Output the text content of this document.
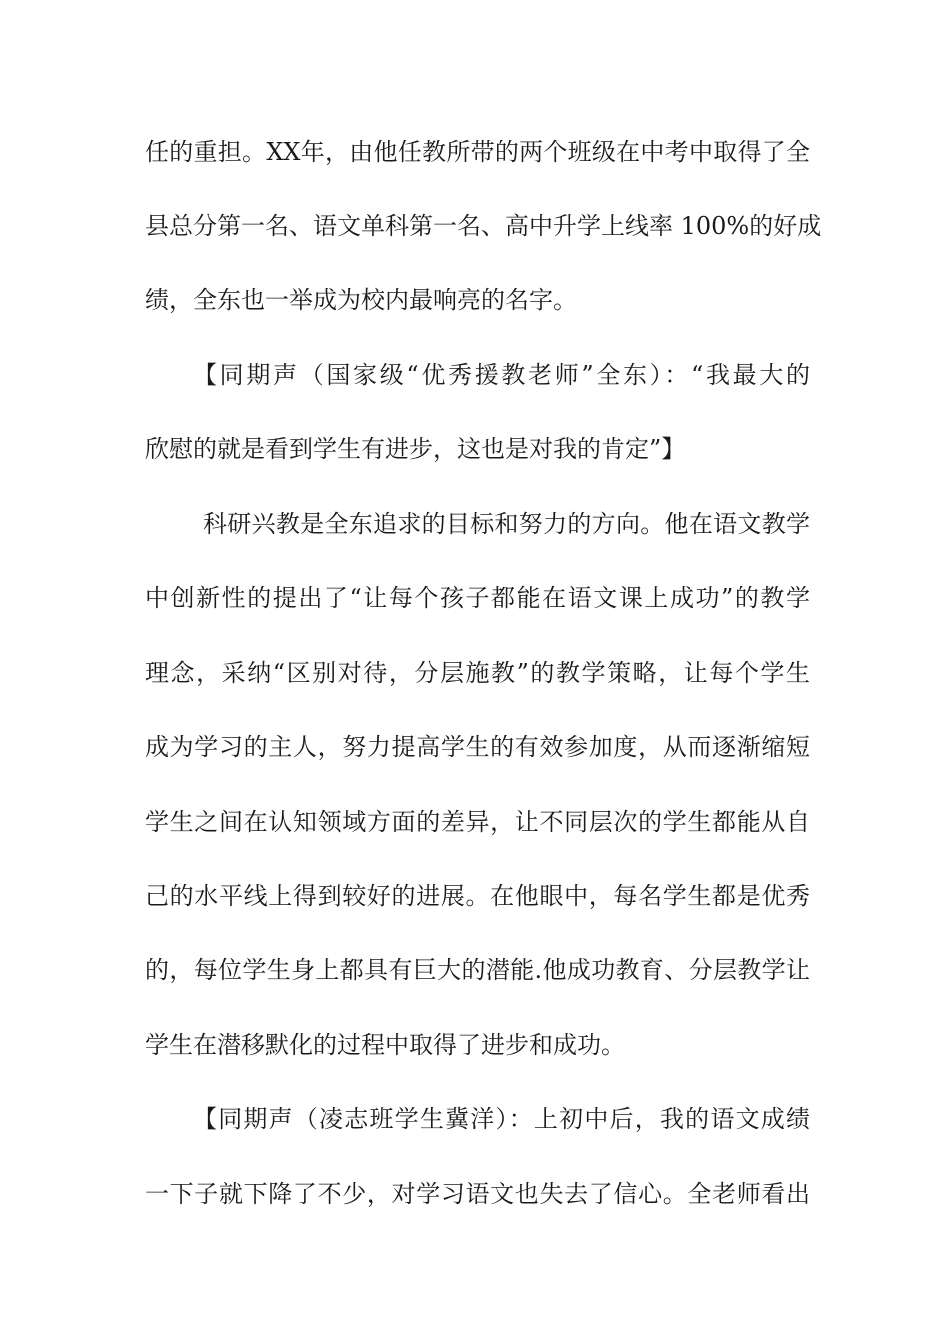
任的重担。XX年，由他任教所带的两个班级在中考中取得了全
县总分第一名、语文单科第一名、高中升学上线率 100%的好成
绩，全东也一举成为校内最响亮的名字。
【同期声（国家级“优秀援教老师”全东）：“我最大的
欣慰的就是看到学生有进步，这也是对我的肯定”】
科研兴教是全东追求的目标和努力的方向。他在语文教学
中创新性的提出了“让每个孩子都能在语文课上成功”的教学
理念，采纳“区别对待，分层施教”的教学策略，让每个学生
成为学习的主人，努力提高学生的有效参加度，从而逐渐缩短
学生之间在认知领域方面的差异，让不同层次的学生都能从自
己的水平线上得到较好的进展。在他眼中，每名学生都是优秀
的，每位学生身上都具有巨大的潜能.他成功教育、分层教学让
学生在潜移默化的过程中取得了进步和成功。
【同期声（凌志班学生冀洋）：上初中后，我的语文成绩
一下子就下降了不少，对学习语文也失去了信心。全老师看出
